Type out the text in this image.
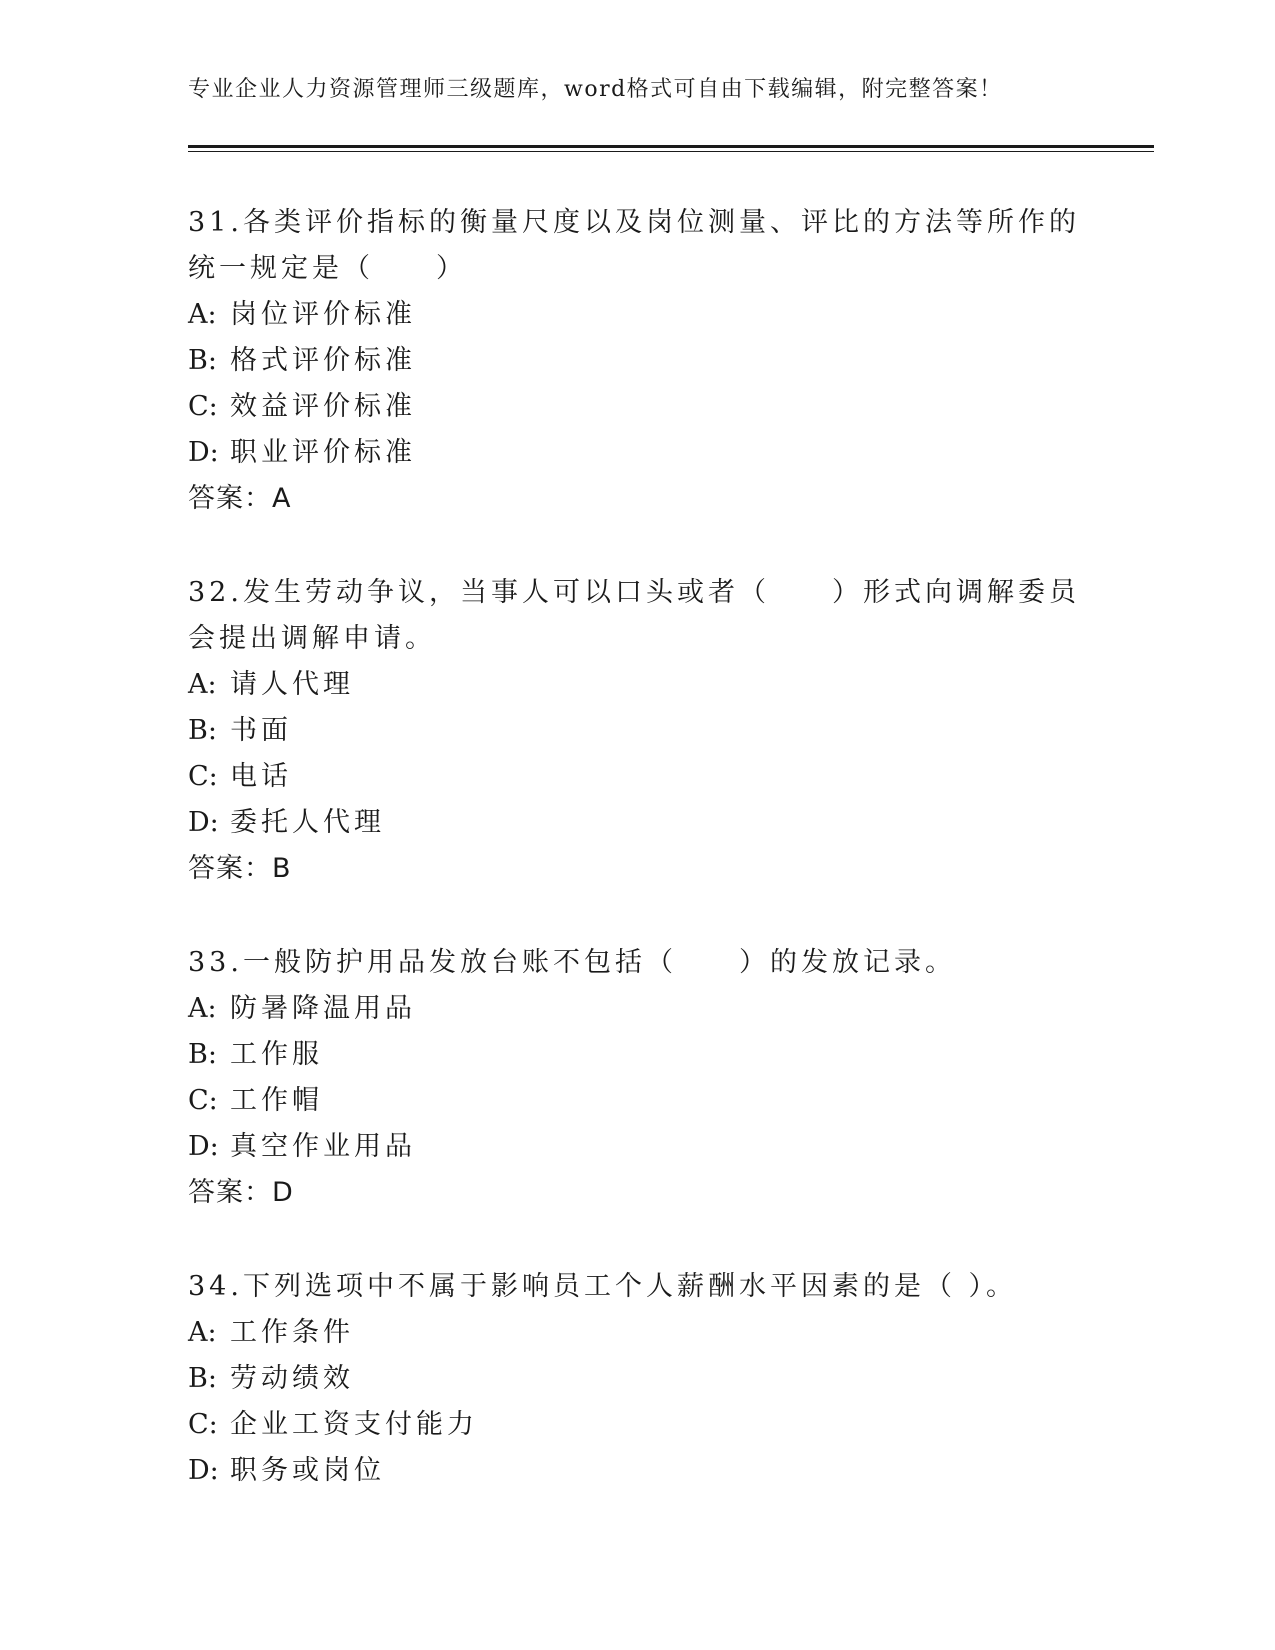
专业企业人力资源管理师三级题库，word格式可自由下载编辑，附完整答案！
31.各类评价指标的衡量尺度以及岗位测量、评比的方法等所作的统一规定是（　　）
A: 岗位评价标准
B: 格式评价标准
C: 效益评价标准
D: 职业评价标准
答案：A
32.发生劳动争议，当事人可以口头或者（　　）形式向调解委员会提出调解申请。
A: 请人代理
B: 书面
C: 电话
D: 委托人代理
答案：B
33.一般防护用品发放台账不包括（　　）的发放记录。
A: 防暑降温用品
B: 工作服
C: 工作帽
D: 真空作业用品
答案：D
34.下列选项中不属于影响员工个人薪酬水平因素的是（ ）。
A: 工作条件
B: 劳动绩效
C: 企业工资支付能力
D: 职务或岗位
